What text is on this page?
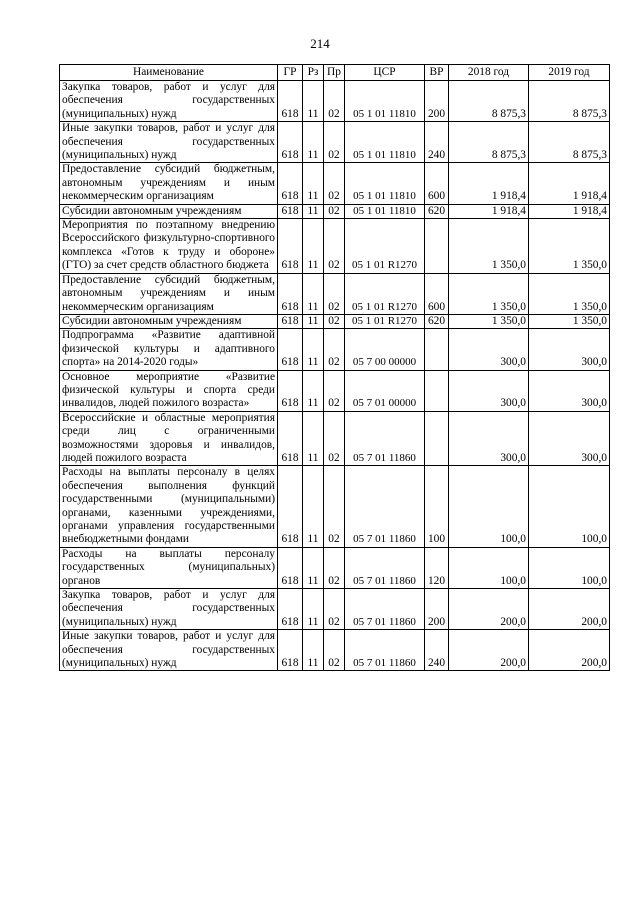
214
Наименование	ГР	Рз	Пр	ЦСР	ВР	2018 год	2019 год
Закупка товаров, работ и услуг для обеспечения государственных (муниципальных) нужд	618	11	02	05 1 01 11810	200	8 875,3	8 875,3
Иные закупки товаров, работ и услуг для обеспечения государственных (муниципальных) нужд	618	11	02	05 1 01 11810	240	8 875,3	8 875,3
Предоставление субсидий бюджетным, автономным учреждениям и иным некоммерческим организациям	618	11	02	05 1 01 11810	600	1 918,4	1 918,4
Субсидии автономным учреждениям	618	11	02	05 1 01 11810	620	1 918,4	1 918,4
Мероприятия по поэтапному внедрению Всероссийского физкультурно-спортивного комплекса «Готов к труду и обороне» (ГТО) за счет средств областного бюджета	618	11	02	05 1 01 R1270		1 350,0	1 350,0
Предоставление субсидий бюджетным, автономным учреждениям и иным некоммерческим организациям	618	11	02	05 1 01 R1270	600	1 350,0	1 350,0
Субсидии автономным учреждениям	618	11	02	05 1 01 R1270	620	1 350,0	1 350,0
Подпрограмма «Развитие адаптивной физической культуры и адаптивного спорта» на 2014-2020 годы»	618	11	02	05 7 00 00000		300,0	300,0
Основное мероприятие «Развитие физической культуры и спорта среди инвалидов, людей пожилого возраста»	618	11	02	05 7 01 00000		300,0	300,0
Всероссийские и областные мероприятия среди лиц с ограниченными возможностями здоровья и инвалидов, людей пожилого возраста	618	11	02	05 7 01 11860		300,0	300,0
Расходы на выплаты персоналу в целях обеспечения выполнения функций государственными (муниципальными) органами, казенными учреждениями, органами управления государственными внебюджетными фондами	618	11	02	05 7 01 11860	100	100,0	100,0
Расходы на выплаты персоналу государственных (муниципальных) органов	618	11	02	05 7 01 11860	120	100,0	100,0
Закупка товаров, работ и услуг для обеспечения государственных (муниципальных) нужд	618	11	02	05 7 01 11860	200	200,0	200,0
Иные закупки товаров, работ и услуг для обеспечения государственных (муниципальных) нужд	618	11	02	05 7 01 11860	240	200,0	200,0
